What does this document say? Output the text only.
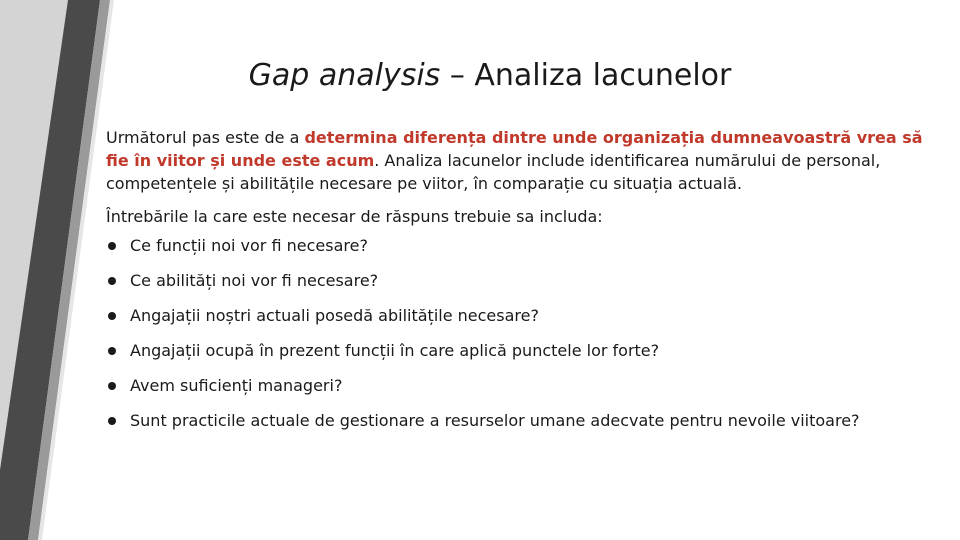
Gap analysis – Analiza lacunelor

Următorul pas este de a determina diferența dintre unde organizația dumneavoastră vrea să fie în viitor și unde este acum. Analiza lacunelor include identificarea numărului de personal, competențele și abilitățile necesare pe viitor, în comparație cu situația actuală.

Întrebările la care este necesar de răspuns trebuie sa includa:

Ce funcții noi vor fi necesare?
Ce abilități noi vor fi necesare?
Angajații noștri actuali posedă abilitățile necesare?
Angajații ocupă în prezent funcții în care aplică punctele lor forte?
Avem suficienți manageri?
Sunt practicile actuale de gestionare a resurselor umane adecvate pentru nevoile viitoare?
